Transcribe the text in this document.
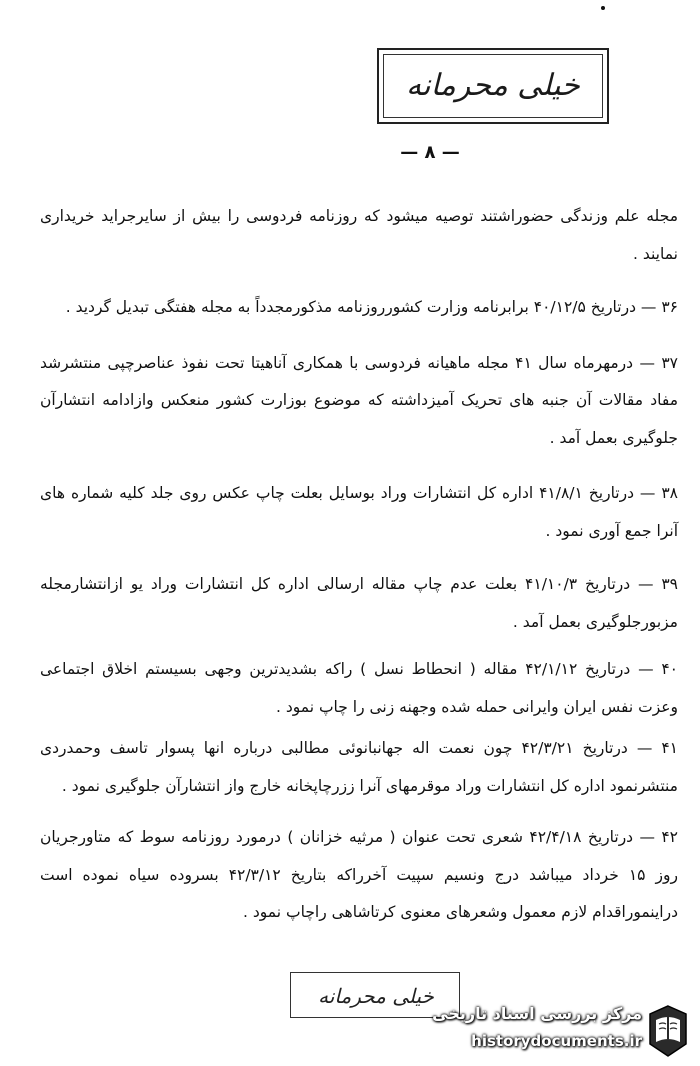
خیلی محرمانه
— ۸ —

مجله علم وزندگی حضوراشتند توصیه میشود که روزنامه فردوسی را بیش از سایرجراید خریداری نمایند .

۳۶ — درتاریخ ۴۰/۱۲/۵ برابرنامه وزارت کشورروزنامه مذکورمجدداً به مجله هفتگی تبدیل گردید .

۳۷ — درمهرماه سال ۴۱ مجله ماهیانه فردوسی با همکاری آناهیتا تحت نفوذ عناصرچپی منتشرشد مفاد مقالات آن جنبه های تحریک آمیزداشته که موضوع بوزارت کشور منعکس وازادامه انتشارآن جلوگیری بعمل آمد .

۳۸ — درتاریخ ۴۱/۸/۱ اداره کل انتشارات وراد بوسایل بعلت چاپ عکس روی جلد کلیه شماره های آنرا جمع آوری نمود .

۳۹ — درتاریخ ۴۱/۱۰/۳ بعلت عدم چاپ مقاله ارسالی اداره کل انتشارات وراد یو ازانتشارمجله مزبورجلوگیری بعمل آمد .

۴۰ — درتاریخ ۴۲/۱/۱۲ مقاله ( انحطاط نسل ) راکه بشدیدترین وجهی بسیستم اخلاق اجتماعی وعزت نفس ایران وایرانی حمله شده وجهنه زنی را چاپ نمود .

۴۱ — درتاریخ ۴۲/۳/۲۱ چون نعمت اله جهانبانوئی مطالبی درباره انها پسوار تاسف وحمدردی منتشرنمود اداره کل انتشارات وراد موقرمهای آنرا ززرچاپخانه خارج واز انتشارآن جلوگیری نمود .

۴۲ — درتاریخ ۴۲/۴/۱۸ شعری تحت عنوان ( مرثیه خزانان ) درمورد روزنامه سوط که متاورجریان روز ۱۵ خرداد میباشد درج ونسیم سپیت آخرراکه بتاریخ ۴۲/۳/۱۲ بسروده سیاه نموده است دراینموراقدام لازم معمول وشعرهای معنوی کرتاشاهی راچاپ نمود .

خیلی محرمانه
مرکز بررسی اسناد تاریخی
historydocuments.ir
